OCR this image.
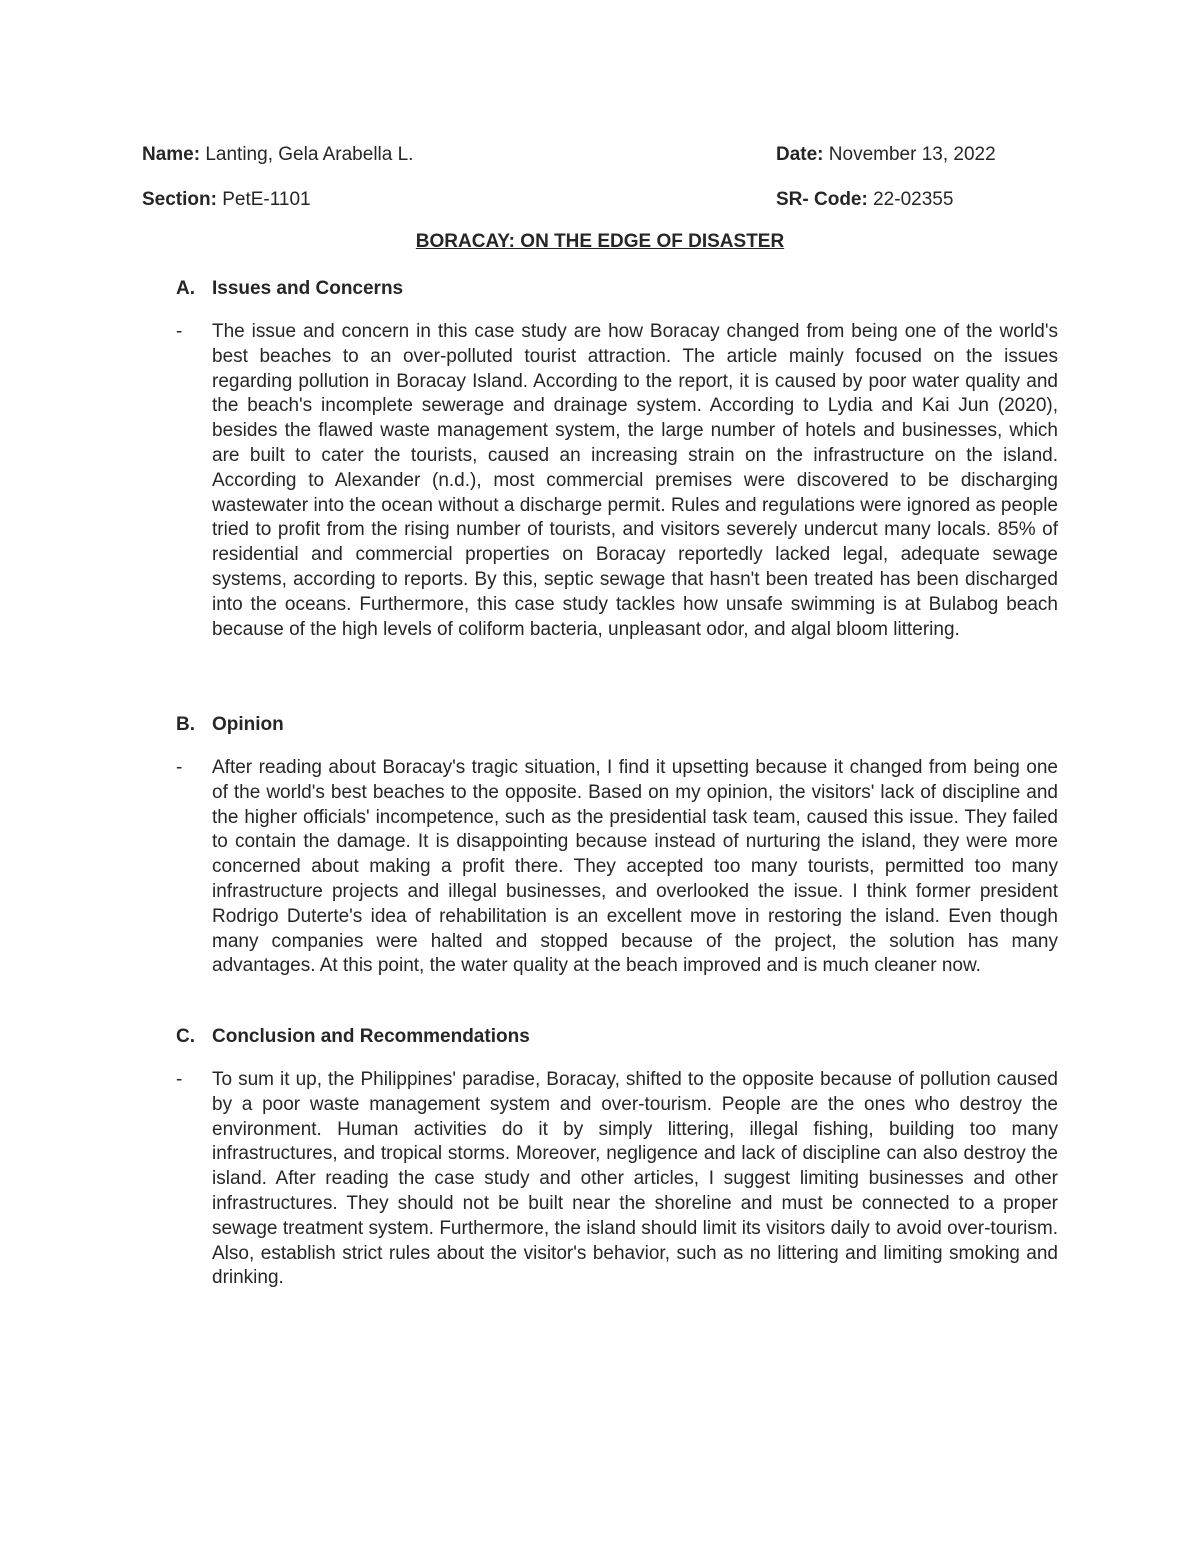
Name: Lanting, Gela Arabella L.	Date: November 13, 2022
Section: PetE-1101	SR- Code: 22-02355
BORACAY: ON THE EDGE OF DISASTER
A. Issues and Concerns
- The issue and concern in this case study are how Boracay changed from being one of the world's best beaches to an over-polluted tourist attraction. The article mainly focused on the issues regarding pollution in Boracay Island. According to the report, it is caused by poor water quality and the beach's incomplete sewerage and drainage system. According to Lydia and Kai Jun (2020), besides the flawed waste management system, the large number of hotels and businesses, which are built to cater the tourists, caused an increasing strain on the infrastructure on the island. According to Alexander (n.d.), most commercial premises were discovered to be discharging wastewater into the ocean without a discharge permit. Rules and regulations were ignored as people tried to profit from the rising number of tourists, and visitors severely undercut many locals. 85% of residential and commercial properties on Boracay reportedly lacked legal, adequate sewage systems, according to reports. By this, septic sewage that hasn't been treated has been discharged into the oceans. Furthermore, this case study tackles how unsafe swimming is at Bulabog beach because of the high levels of coliform bacteria, unpleasant odor, and algal bloom littering.
B. Opinion
- After reading about Boracay's tragic situation, I find it upsetting because it changed from being one of the world's best beaches to the opposite. Based on my opinion, the visitors' lack of discipline and the higher officials' incompetence, such as the presidential task team, caused this issue. They failed to contain the damage. It is disappointing because instead of nurturing the island, they were more concerned about making a profit there. They accepted too many tourists, permitted too many infrastructure projects and illegal businesses, and overlooked the issue. I think former president Rodrigo Duterte's idea of rehabilitation is an excellent move in restoring the island. Even though many companies were halted and stopped because of the project, the solution has many advantages. At this point, the water quality at the beach improved and is much cleaner now.
C. Conclusion and Recommendations
- To sum it up, the Philippines' paradise, Boracay, shifted to the opposite because of pollution caused by a poor waste management system and over-tourism. People are the ones who destroy the environment. Human activities do it by simply littering, illegal fishing, building too many infrastructures, and tropical storms. Moreover, negligence and lack of discipline can also destroy the island. After reading the case study and other articles, I suggest limiting businesses and other infrastructures. They should not be built near the shoreline and must be connected to a proper sewage treatment system. Furthermore, the island should limit its visitors daily to avoid over-tourism. Also, establish strict rules about the visitor's behavior, such as no littering and limiting smoking and drinking.
